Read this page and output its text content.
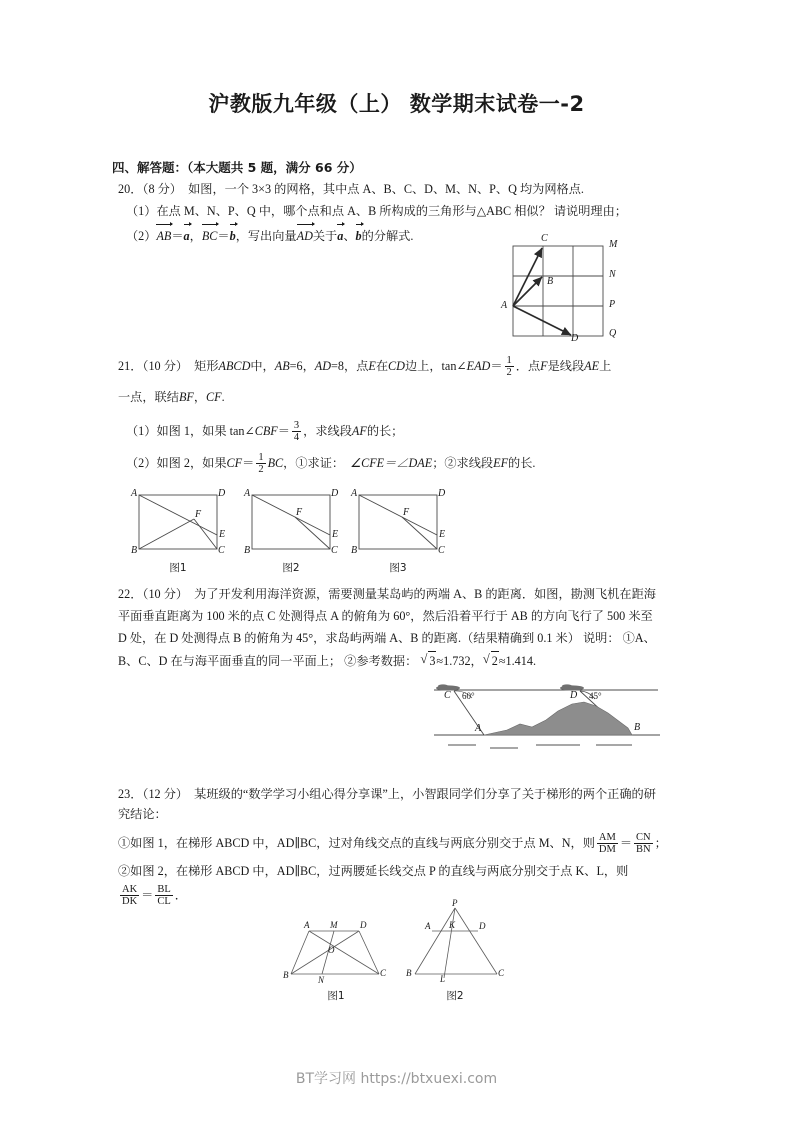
沪教版九年级（上） 数学期末试卷一-2
四、解答题：（本大题共 5 题，满分 66 分）
20．（8 分） 如图，一个 3×3 的网格，其中点 A、B、C、D、M、N、P、Q 均为网格点.
（1）在点 M、N、P、Q 中，哪个点和点 A、B 所构成的三角形与△ABC 相似？ 请说明理由；
（2）AB＝a，BC＝b，写出向量AD关于a、b的分解式.
A
B
C
D
M
N
P
Q
21．（10 分） 矩形ABCD中，AB=6，AD=8，点E在CD边上，tan∠EAD＝ $\frac{1}{2}$ ．点F是线段AE上
一点，联结BF，CF.
（1）如图 1，如果 tan∠CBF＝ $\frac{3}{4}$ ，求线段AF的长；
（2）如图 2，如果$CF= \frac{1}{2}$ BC，①求证： ∠CFE＝∠DAE；②求线段EF的长.
A	D
B	C
E
F
图1
A	D
B	C
E
F
图2
A	D
B	C
E
F
图3
22．（10 分） 为了开发利用海洋资源，需要测量某岛屿的两端 A、B 的距离．如图，勘测飞机在距海
平面垂直距离为 100 米的点 C 处测得点 A 的俯角为 60°，然后沿着平行于 AB 的方向飞行了 500 米至
D 处，在 D 处测得点 B 的俯角为 45°，求岛屿两端 A、B 的距离.（结果精确到 0.1 米） 说明： ①A、
B、C、D 在与海平面垂直的同一平面上； ②参考数据： √ 3≈1.732， √ 2≈1.414.
C 60°	D 45°
A	B
23．（12 分） 某班级的“数学学习小组心得分享课”上，小智跟同学们分享了关于梯形的两个正确的研
究结论：
①如图 1，在梯形 ABCD 中，AD∥BC，过对角线交点的直线与两底分别交于点 M、N，则 $\frac{AM}{DM} = \frac{CN}{BN}$ ；
②如图 2，在梯形 ABCD 中，AD∥BC，过两腰延长线交点 P 的直线与两底分别交于点 K、L，则
$\frac{AK}{DK} = \frac{BL}{CL}$ ．
A M	D
O
B	N
C
图1
P
A K	D
B
L
C
图2
BT学习网 https://btxuexi.com
